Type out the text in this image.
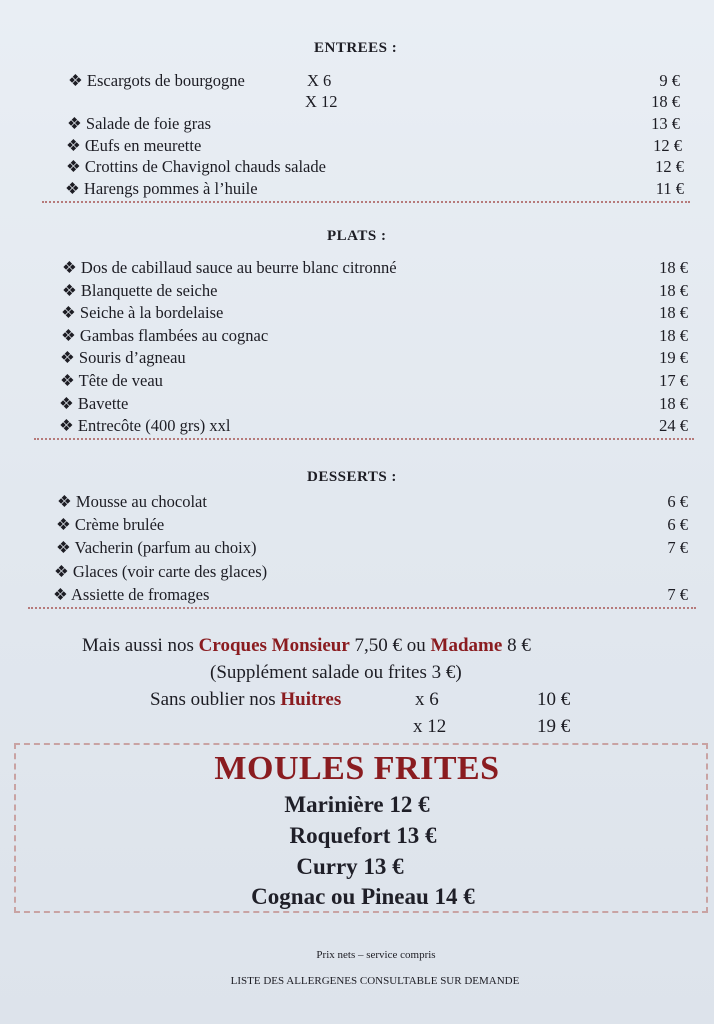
ENTREES :
❖ Escargots de bourgogne	X 6	9 €
X 12	18 €
❖ Salade de foie gras	13 €
❖ Œufs en meurette	12 €
❖ Crottins de Chavignol chauds salade	12 €
❖ Harengs pommes à l’huile	11 €
PLATS :
❖ Dos de cabillaud sauce au beurre blanc citronné	18 €
❖ Blanquette de seiche	18 €
❖ Seiche à la bordelaise	18 €
❖ Gambas flambées au cognac	18 €
❖ Souris d’agneau	19 €
❖ Tête de veau	17 €
❖ Bavette	18 €
❖ Entrecôte (400 grs) xxl	24 €
DESSERTS :
❖ Mousse au chocolat	6 €
❖ Crème brulée	6 €
❖ Vacherin (parfum au choix)	7 €
❖ Glaces (voir carte des glaces)
❖ Assiette de fromages	7 €
Mais aussi nos Croques Monsieur 7,50 € ou Madame 8 €
(Supplément salade ou frites 3 €)
Sans oublier nos Huitres	x 6	10 €
x 12	19 €
MOULES FRITES
Marinière 12 €
Roquefort 13 €
Curry 13 €
Cognac ou Pineau 14 €
Prix nets – service compris
LISTE DES ALLERGENES CONSULTABLE SUR DEMANDE
